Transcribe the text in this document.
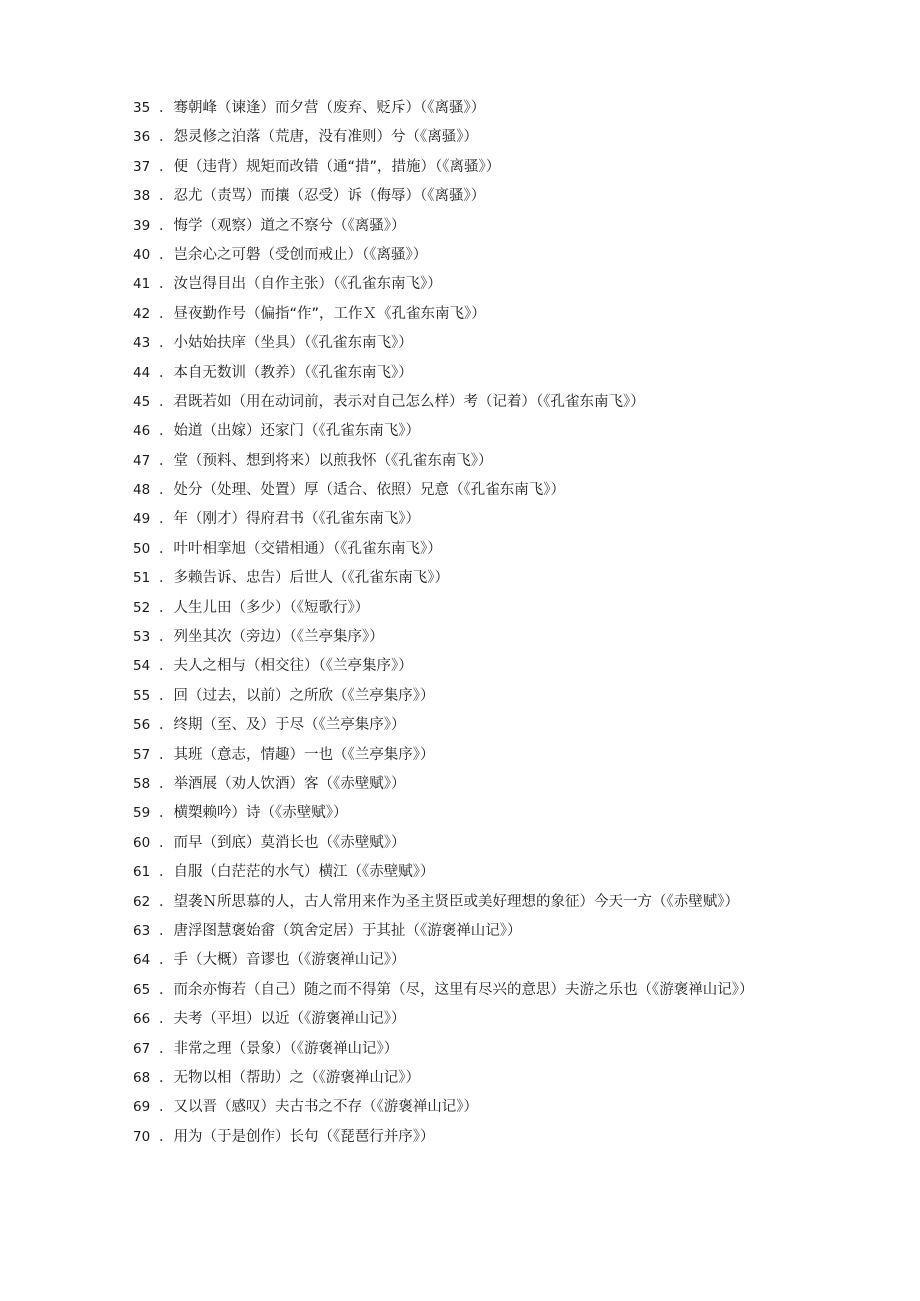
35 ．骞朝峰（谏逢）而夕营（废弃、贬斥）（《离骚》）
36 ．怨灵修之泊落（荒唐，没有准则）兮（《离骚》）
37 ．便（违背）规矩而改错（通“措”，措施）（《离骚》）
38 ．忍尤（责骂）而攘（忍受）诉（侮辱）（《离骚》）
39 ．悔学（观察）道之不察兮（《离骚》）
40 ．岂余心之可磐（受创而戒止）（《离骚》）
41 ．汝岂得目出（自作主张）（《孔雀东南飞》）
42 ．昼夜勤作号（偏指“作”，工作Ｘ《孔雀东南飞》）
43 ．小姑始扶庠（坐具）（《孔雀东南飞》）
44 ．本自无数训（教养）（《孔雀东南飞》）
45 ．君既若如（用在动词前，表示对自己怎么样）考（记着）（《孔雀东南飞》）
46 ．始道（出嫁）还家门（《孔雀东南飞》）
47 ．堂（预料、想到将来）以煎我怀（《孔雀东南飞》）
48 ．处分（处理、处置）厚（适合、依照）兄意（《孔雀东南飞》）
49 ．年（刚才）得府君书（《孔雀东南飞》）
50 ．叶叶相挛旭（交错相通）（《孔雀东南飞》）
51 ．多赖告诉、忠告）后世人（《孔雀东南飞》）
52 ．人生儿田（多少）（《短歌行》）
53 ．列坐其次（旁边）（《兰亭集序》）
54 ．夫人之相与（相交往）（《兰亭集序》）
55 ．回（过去，以前）之所欣（《兰亭集序》）
56 ．终期（至、及）于尽（《兰亭集序》）
57 ．其班（意志，情趣）一也（《兰亭集序》）
58 ．举酒展（劝人饮酒）客（《赤壁赋》）
59 ．横槊赖吟）诗（《赤壁赋》）
60 ．而早（到底）莫消长也（《赤壁赋》）
61 ．自服（白茫茫的水气）横江（《赤壁赋》）
62 ．望袭Ｎ所思慕的人，古人常用来作为圣主贤臣或美好理想的象征）今天一方（《赤壁赋》）
63 ．唐浮图慧褒始畲（筑舍定居）于其扯（《游褒禅山记》）
64 ．手（大概）音谬也（《游褒禅山记》）
65 ．而余亦悔若（自己）随之而不得第（尽，这里有尽兴的意思）夫游之乐也（《游褒禅山记》）
66 ．夫考（平坦）以近（《游褒禅山记》）
67 ．非常之理（景象）（《游褒禅山记》）
68 ．无物以相（帮助）之（《游褒禅山记》）
69 ．又以晋（感叹）夫古书之不存（《游褒禅山记》）
70 ．用为（于是创作）长句（《琵琶行并序》）
